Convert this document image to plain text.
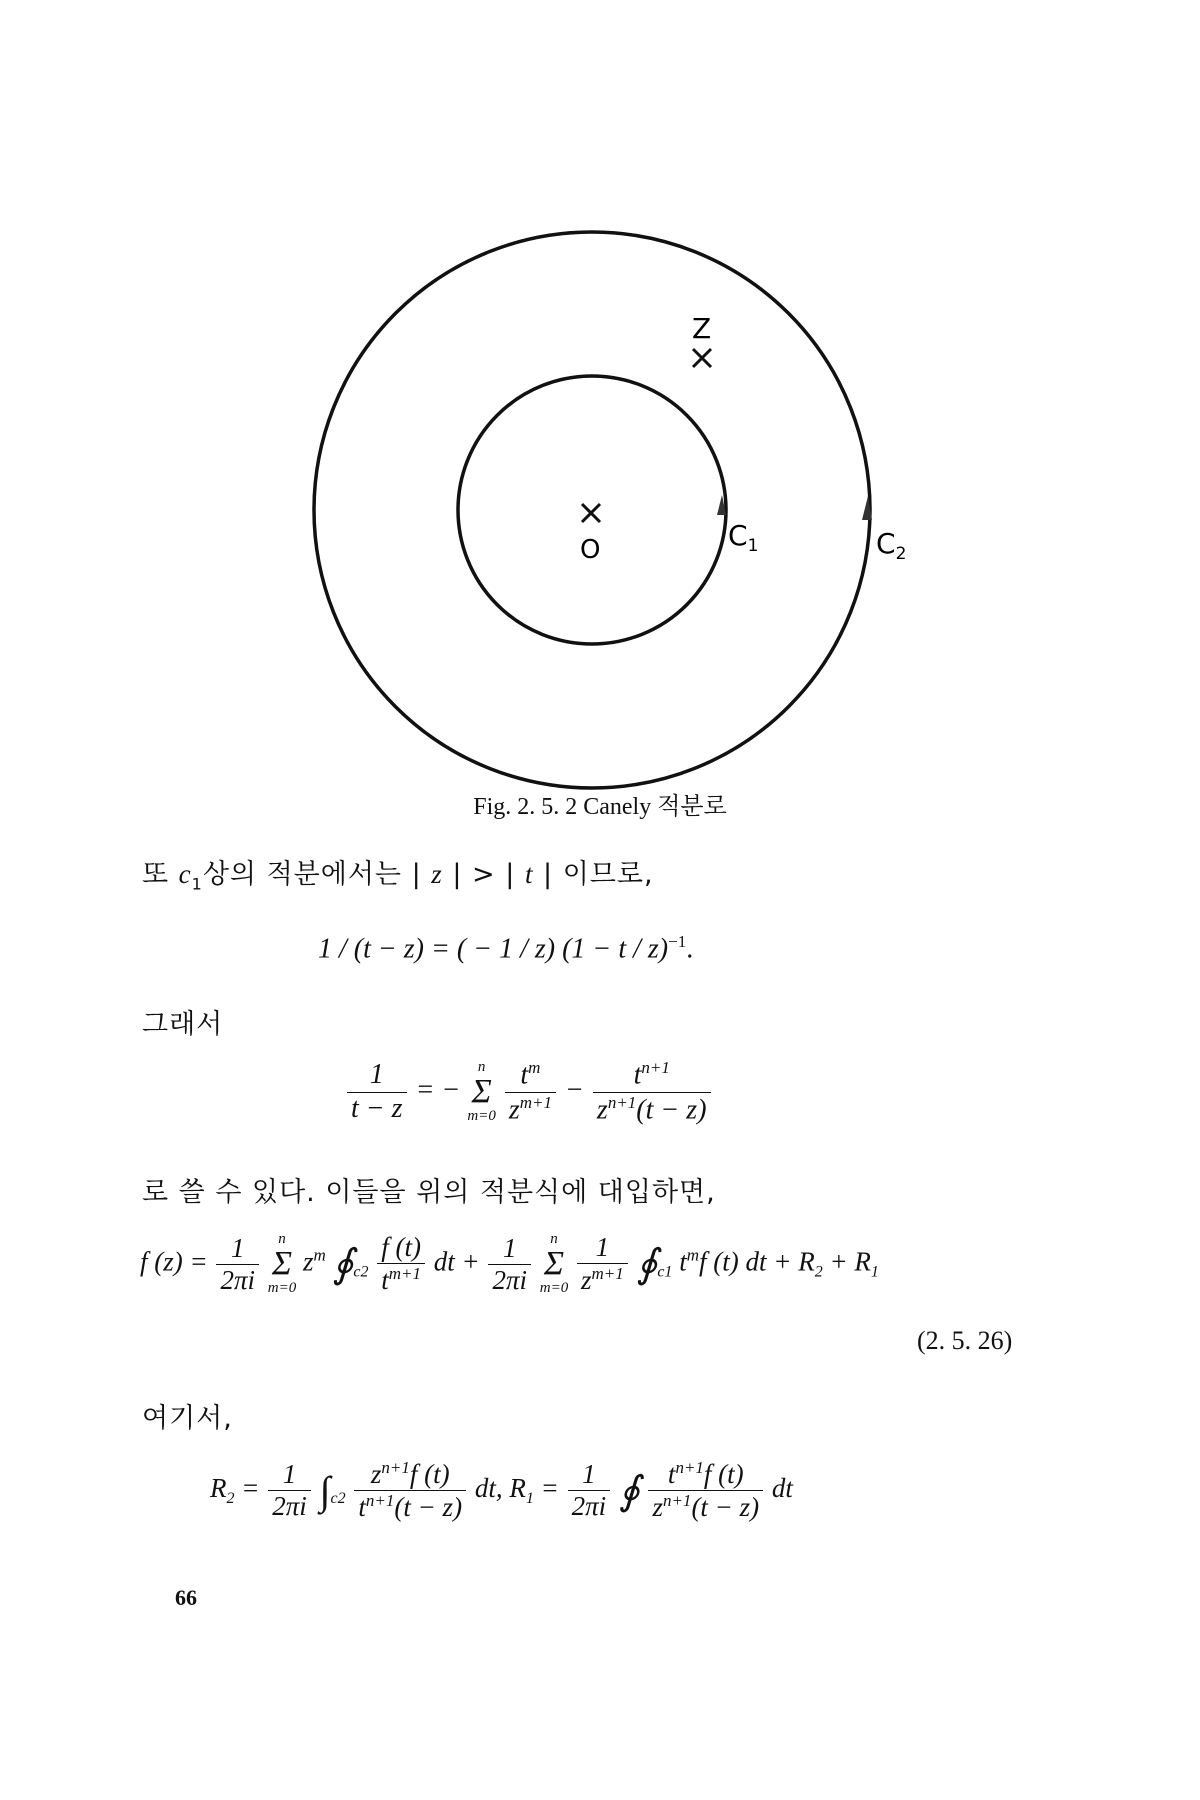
O
Z
$C_1$	$C_2$
Fig. 2. 5. 2 Canely 적분로
또 $c_1$상의 적분에서는 | z | > | t | 이므로,
1 / (t − z) = ( − 1 / z) $(1 - t / z)^{-1}$.
그래서
$\frac{1}{t - z}$ = −
n
Σ
m=0
$\frac{t^m}{z^{m+1}} - \frac{t^{n+1}}{z^{n+1}(t - z)}$
로 쓸 수 있다. 이들을 위의 적분식에 대입하면,
f $(z) = \frac{1}{2\pi i}$
	n
Σ
m=0
$z^m$ $∮_{c2} \frac{f (t)}{t^{m+1}}$ dt + $\frac{1}{2\pi i}$
	n
Σ
m=0
$\frac{1}{z^{m+1}}$ $∮_{c1}$ $t^mf$ (t) dt + $R_2 + R_1$
(2. 5. 26)
여기서,
$R_2 = \frac{1}{2\pi i} \int_{c2} \frac{z^{n+1}f (t)}{t^{n+1}(t - z)}$ dt, $R_1 = \frac{1}{2\pi i}$ ∮ $\frac{t^{n+1}f (t)}{z^{n+1}(t - z)}$ dt
66
